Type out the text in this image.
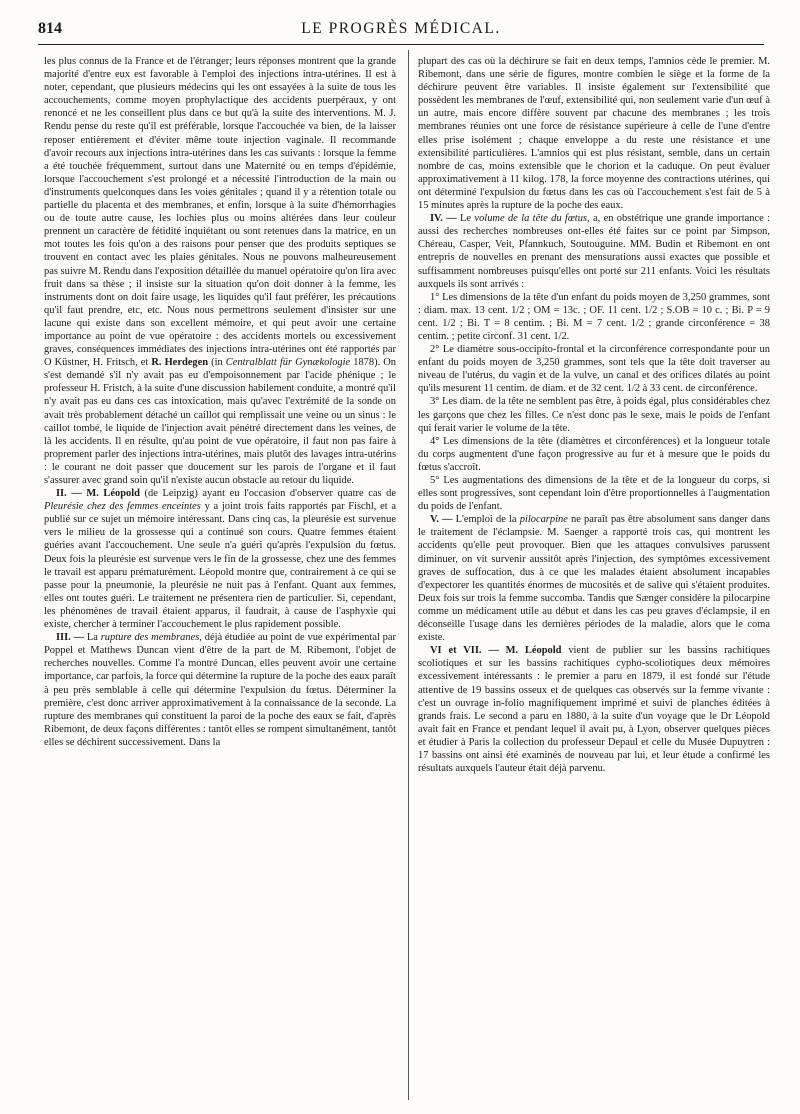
814	LE PROGRÈS MÉDICAL.

les plus connus de la France et de l'étranger; leurs réponses montrent que la grande majorité d'entre eux est favorable à l'emploi des injections intra-utérines. Il est à noter, cependant, que plusieurs médecins qui les ont essayées à la suite de tous les accouchements, comme moyen prophylactique des accidents puerpéraux, y ont renoncé et ne les conseillent plus dans ce but qu'à la suite des interventions. M. J. Rendu pense du reste qu'il est préférable, lorsque l'accouchée va bien, de la laisser reposer entièrement et d'éviter même toute injection vaginale. Il recommande d'avoir recours aux injections intra-utérines dans les cas suivants : lorsque la femme a été touchée fréquemment, surtout dans une Maternité ou en temps d'épidémie, lorsque l'accouchement s'est prolongé et a nécessité l'introduction de la main ou d'instruments quelconques dans les voies génitales ; quand il y a rétention totale ou partielle du placenta et des membranes, et enfin, lorsque à la suite d'hémorrhagies ou de toute autre cause, les lochies plus ou moins altérées dans leur couleur prennent un caractère de fétidité inquiétant ou sont retenues dans la matrice, en un mot toutes les fois qu'on a des raisons pour penser que des produits septiques se trouvent en contact avec les plaies génitales. Nous ne pouvons malheureusement pas suivre M. Rendu dans l'exposition détaillée du manuel opératoire qu'on lira avec fruit dans sa thèse ; il insiste sur la situation qu'on doit donner à la femme, les instruments dont on doit faire usage, les liquides qu'il faut préférer, les précautions qu'il faut prendre, etc, etc. Nous nous permettrons seulement d'insister sur une lacune qui existe dans son excellent mémoire, et qui peut avoir une certaine importance au point de vue opératoire : des accidents mortels ou excessivement graves, conséquences immédiates des injections intra-utérines ont été rapportés par O Küstner, H. Fritsch, et R. Herdegen (in Centralblatt für Gynækologie 1878). On s'est demandé s'il n'y avait pas eu d'empoisonnement par l'acide phénique ; le professeur H. Fristch, à la suite d'une discussion habilement conduite, a montré qu'il n'y avait pas eu dans ces cas intoxication, mais qu'avec l'extrémité de la sonde on avait très probablement détaché un caillot qui remplissait une veine ou un sinus : le caillot tombé, le liquide de l'injection avait pénétré directement dans les veines, de là les accidents. Il en résulte, qu'au point de vue opératoire, il faut non pas faire à proprement parler des injections intra-utérines, mais plutôt des lavages intra-utérins : le courant ne doit passer que doucement sur les parois de l'organe et il faut s'assurer avec grand soin qu'il n'existe aucun obstacle au retour du liquide.

II. — M. Léopold (de Leipzig) ayant eu l'occasion d'observer quatre cas de Pleurésie chez des femmes enceintes y a joint trois faits rapportés par Fischl, et a publié sur ce sujet un mémoire intéressant. Dans cinq cas, la pleurésie est survenue vers le milieu de la grossesse qui a continué son cours. Quatre femmes étaient guéries avant l'accouchement. Une seule n'a guéri qu'après l'expulsion du fœtus. Deux fois la pleurésie est survenue vers le fin de la grossesse, chez une des femmes le travail est apparu prématurément. Léopold montre que, contrairement à ce qui se passe pour la pneumonie, la pleurésie ne nuit pas à l'enfant. Quant aux femmes, elles ont toutes guéri. Le traitement ne présentera rien de particulier. Si, cependant, les phénomènes de travail étaient apparus, il faudrait, à cause de l'asphyxie qui existe, chercher à terminer l'accouchement le plus rapidement possible.

III. — La rupture des membranes, déjà étudiée au point de vue expérimental par Poppel et Matthews Duncan vient d'être de la part de M. Ribemont, l'objet de recherches nouvelles. Comme l'a montré Duncan, elles peuvent avoir une certaine importance, car parfois, la force qui détermine la rupture de la poche des eaux paraît à peu près semblable à celle qui détermine l'expulsion du fœtus. Déterminer la première, c'est donc arriver approximativement à la connaissance de la seconde. La rupture des membranes qui constituent la paroi de la poche des eaux se fait, d'après Ribemont, de deux façons différentes : tantôt elles se rompent simultanément, tantôt elles se déchirent successivement. Dans la

plupart des cas où la déchirure se fait en deux temps, l'amnios cède le premier. M. Ribemont, dans une série de figures, montre combien le siège et la forme de la déchirure peuvent être variables. Il insiste également sur l'extensibilité que possèdent les membranes de l'œuf, extensibilité qui, non seulement varie d'un œuf à un autre, mais encore diffère souvent par chacune des membranes ; les trois membranes réunies ont une force de résistance supérieure à celle de l'une d'entre elles prise isolément ; chaque enveloppe a du reste une résistance et une extensibilité particulières. L'amnios qui est plus résistant, semble, dans un certain nombre de cas, moins extensible que le chorion et la caduque. On peut évaluer approximativement à 11 kilog. 178, la force moyenne des contractions utérines, qui ont déterminé l'expulsion du fœtus dans les cas où l'accouchement s'est fait de 5 à 15 minutes après la rupture de la poche des eaux.

IV. — Le volume de la tête du fœtus, a, en obstétrique une grande importance : aussi des recherches nombreuses ont-elles été faites sur ce point par Simpson, Chéreau, Casper, Veit, Pfannkuch, Soutouguine. MM. Budin et Ribemont en ont entrepris de nouvelles en prenant des mensurations aussi exactes que possible et suffisamment nombreuses puisqu'elles ont porté sur 211 enfants. Voici les résultats auxquels ils sont arrivés :

1° Les dimensions de la tête d'un enfant du poids moyen de 3,250 grammes, sont : diam. max. 13 cent. 1/2 ; OM = 13c. ; OF. 11 cent. 1/2 ; S.OB = 10 c. ; Bi. P = 9 cent. 1/2 ; Bi. T = 8 centim. ; Bi. M = 7 cent. 1/2 ; grande circonférence = 38 centim. ; petite circonf. 31 cent. 1/2.

2° Le diamètre sous-occipito-frontal et la circonférence correspondante pour un enfant du poids moyen de 3,250 grammes, sont tels que la tête doit traverser au niveau de l'utérus, du vagin et de la vulve, un canal et des orifices dilatés au point qu'ils mesurent 11 centim. de diam. et de 32 cent. 1/2 à 33 cent. de circonférence.

3° Les diam. de la tête ne semblent pas être, à poids égal, plus considérables chez les garçons que chez les filles. Ce n'est donc pas le sexe, mais le poids de l'enfant qui ferait varier le volume de la tête.

4° Les dimensions de la tête (diamètres et circonférences) et la longueur totale du corps augmentent d'une façon progressive au fur et à mesure que le poids du fœtus s'accroît.

5° Les augmentations des dimensions de la tête et de la longueur du corps, si elles sont progressives, sont cependant loin d'être proportionnelles à l'augmentation du poids de l'enfant.

V. — L'emploi de la pilocarpine ne paraît pas être absolument sans danger dans le traitement de l'éclampsie. M. Saenger a rapporté trois cas, qui montrent les accidents qu'elle peut provoquer. Bien que les attaques convulsives parussent diminuer, on vit survenir aussitôt après l'injection, des symptômes excessivement graves de suffocation, dus à ce que les malades étaient absolument incapables d'expectorer les quantités énormes de mucosités et de salive qui s'étaient produites. Deux fois sur trois la femme succomba. Tandis que Sænger considère la pilocarpine comme un médicament utile au début et dans les cas peu graves d'éclampsie, il en déconseille l'usage dans les dernières périodes de la maladie, alors que le coma existe.

VI et VII. — M. Léopold vient de publier sur les bassins rachitiques scoliotiques et sur les bassins rachitiques cypho-scoliotiques deux mémoires excessivement intéressants : le premier a paru en 1879, il est fondé sur l'étude attentive de 19 bassins osseux et de quelques cas observés sur la femme vivante : c'est un ouvrage in-folio magnifiquement imprimé et suivi de planches éditées à grands frais. Le second a paru en 1880, à la suite d'un voyage que le Dr Léopold avait fait en France et pendant lequel il avait pu, à Lyon, observer quelques pièces et étudier à Paris la collection du professeur Depaul et celle du Musée Dupuytren : 17 bassins ont ainsi été examinés de nouveau par lui, et leur étude a confirmé les résultats auxquels l'auteur était déjà parvenu.
